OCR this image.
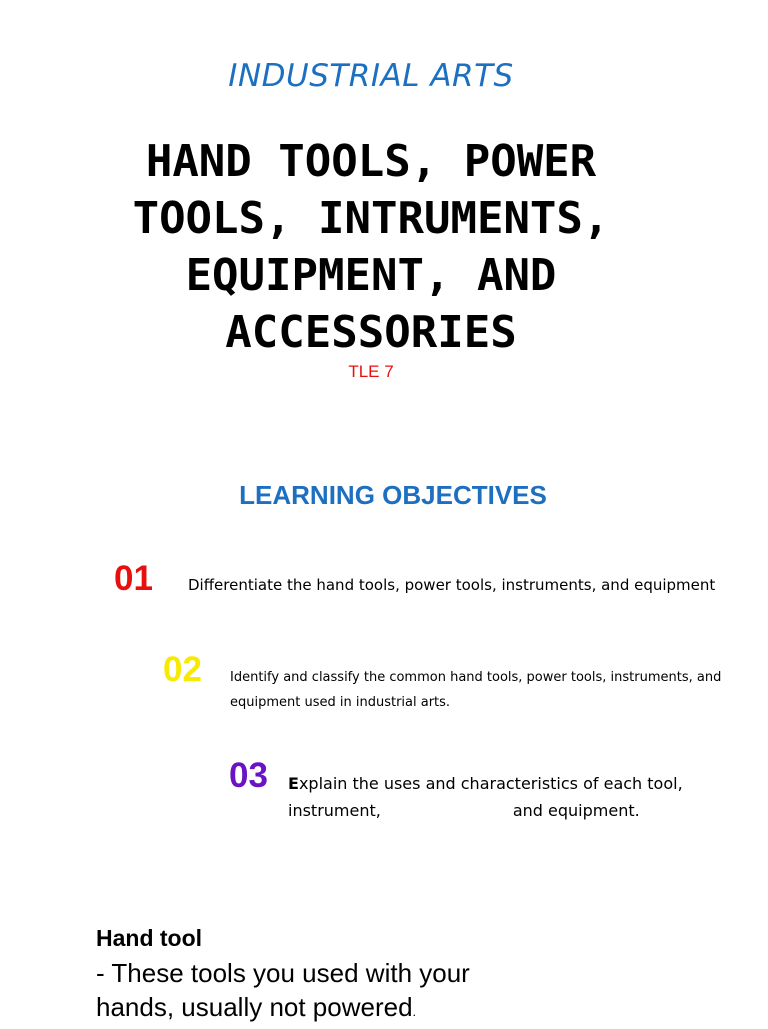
INDUSTRIAL ARTS
HAND TOOLS, POWER
TOOLS, INTRUMENTS,
EQUIPMENT, AND
ACCESSORIES
TLE 7
LEARNING OBJECTIVES
01 Differentiate the hand tools, power tools, instruments, and equipment
02 Identify and classify the common hand tools, power tools, instruments, and
equipment used in industrial arts.
03 Explain the uses and characteristics of each tool,
instrument,	and equipment.
Hand tool
- These tools you used with your
hands, usually not powered.
